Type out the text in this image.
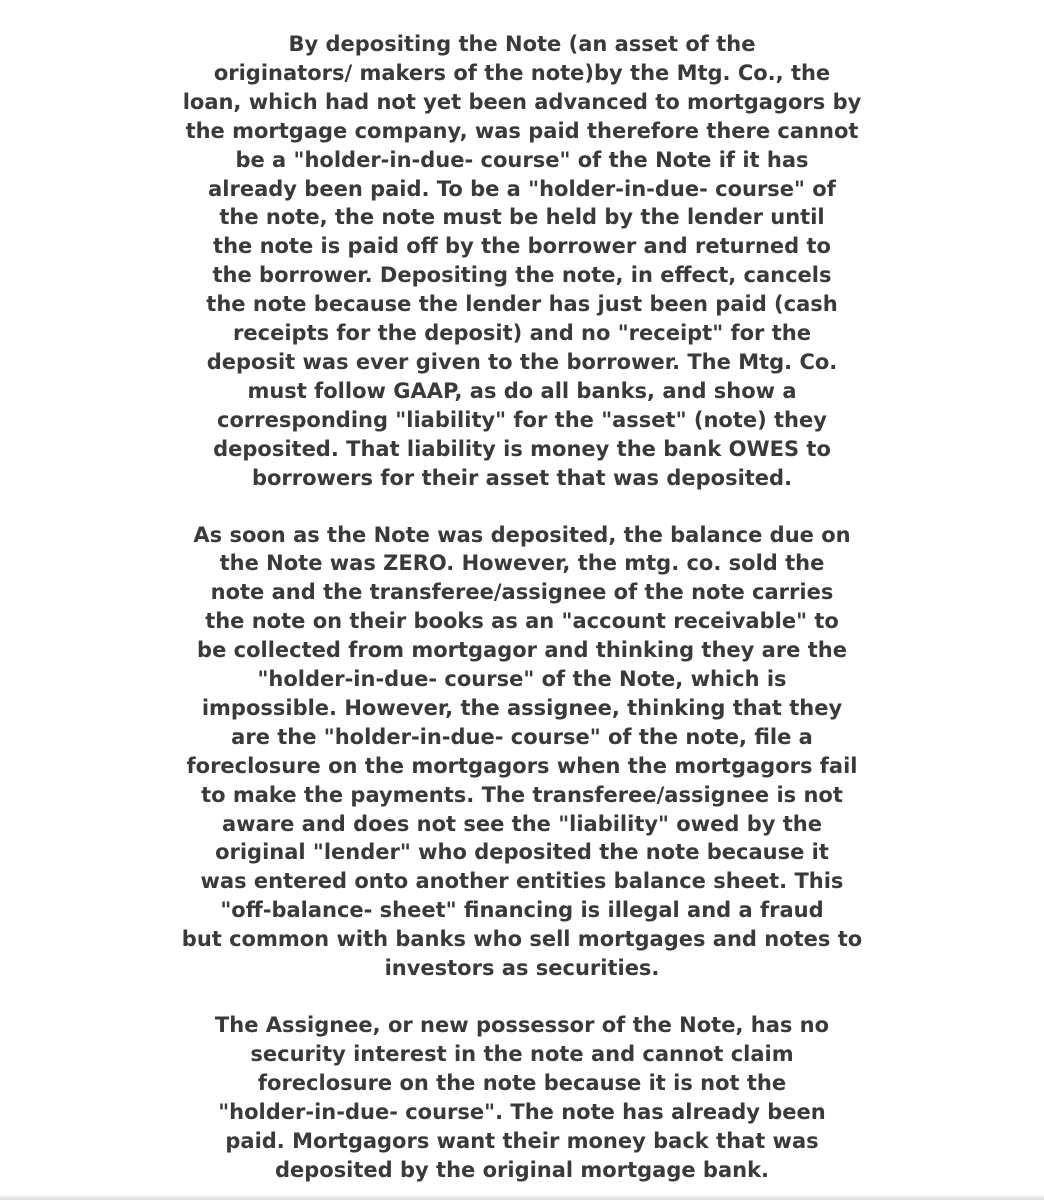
By depositing the Note (an asset of the
originators/ makers of the note)by the Mtg. Co., the
loan, which had not yet been advanced to mortgagors by
the mortgage company, was paid therefore there cannot
be a "holder-in-due- course" of the Note if it has
already been paid. To be a "holder-in-due- course" of
the note, the note must be held by the lender until
the note is paid off by the borrower and returned to
the borrower. Depositing the note, in effect, cancels
the note because the lender has just been paid (cash
receipts for the deposit) and no "receipt" for the
deposit was ever given to the borrower. The Mtg. Co.
must follow GAAP, as do all banks, and show a
corresponding "liability" for the "asset" (note) they
deposited. That liability is money the bank OWES to
borrowers for their asset that was deposited.

As soon as the Note was deposited, the balance due on
the Note was ZERO. However, the mtg. co. sold the
note and the transferee/assignee of the note carries
the note on their books as an "account receivable" to
be collected from mortgagor and thinking they are the
"holder-in-due- course" of the Note, which is
impossible. However, the assignee, thinking that they
are the "holder-in-due- course" of the note, file a
foreclosure on the mortgagors when the mortgagors fail
to make the payments. The transferee/assignee is not
aware and does not see the "liability" owed by the
original "lender" who deposited the note because it
was entered onto another entities balance sheet. This
"off-balance- sheet" financing is illegal and a fraud
but common with banks who sell mortgages and notes to
investors as securities.

The Assignee, or new possessor of the Note, has no
security interest in the note and cannot claim
foreclosure on the note because it is not the
"holder-in-due- course". The note has already been
paid. Mortgagors want their money back that was
deposited by the original mortgage bank.
